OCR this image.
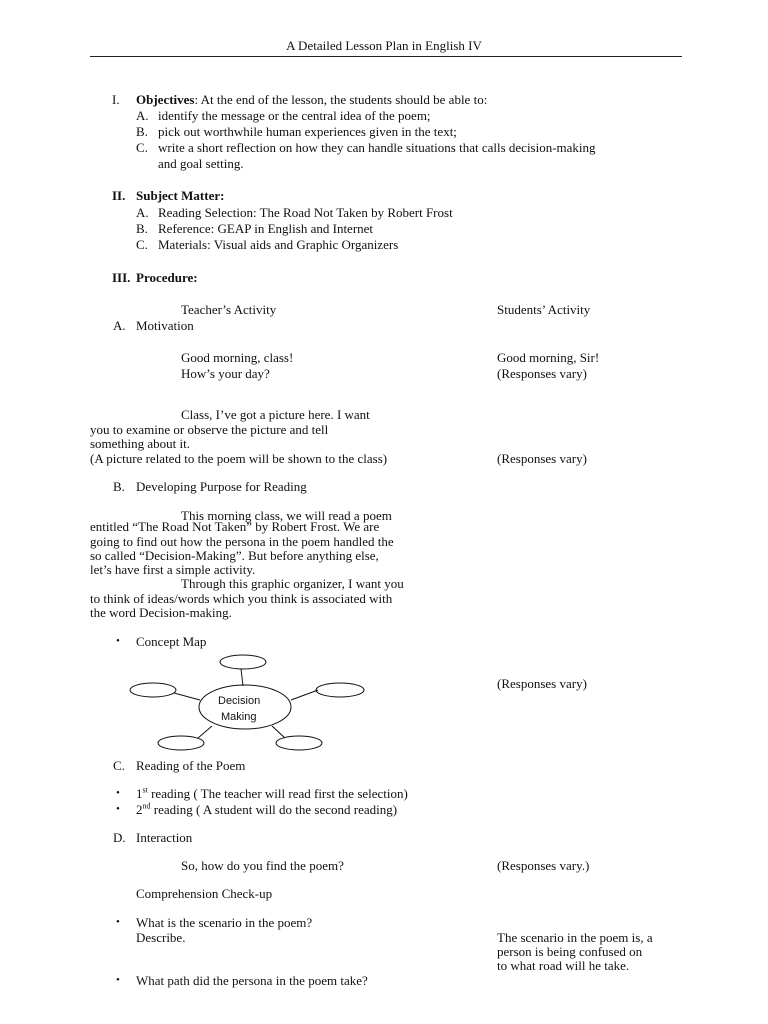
A Detailed Lesson Plan in English IV
I. Objectives: At the end of the lesson, the students should be able to:
A. identify the message or the central idea of the poem;
B. pick out worthwhile human experiences given in the text;
C. write a short reflection on how they can handle situations that calls decision-making
and goal setting.
II. Subject Matter:
A. Reading Selection: The Road Not Taken by Robert Frost
B. Reference: GEAP in English and Internet
C. Materials: Visual aids and Graphic Organizers
III. Procedure:
Teacher’s Activity	Students’ Activity
A. Motivation
Good morning, class!	Good morning, Sir!
How’s your day?	(Responses vary)
Class, I’ve got a picture here. I want
you to examine or observe the picture and tell
something about it.
(A picture related to the poem will be shown to the class)	(Responses vary)
B. Developing Purpose for Reading
This morning class, we will read a poem
entitled “The Road Not Taken” by Robert Frost. We are
going to find out how the persona in the poem handled the
so called “Decision-Making”. But before anything else,
let’s have first a simple activity.
Through this graphic organizer, I want you
to think of ideas/words which you think is associated with
the word Decision-making.
• Concept Map
Decision
Making
(Responses vary)
C. Reading of the Poem
• 1st reading ( The teacher will read first the selection)
• 2nd reading ( A student will do the second reading)
D. Interaction
So, how do you find the poem?	(Responses vary.)
Comprehension Check-up
• What is the scenario in the poem?
Describe.	The scenario in the poem is, a
person is being confused on
to what road will he take.
• What path did the persona in the poem take?
